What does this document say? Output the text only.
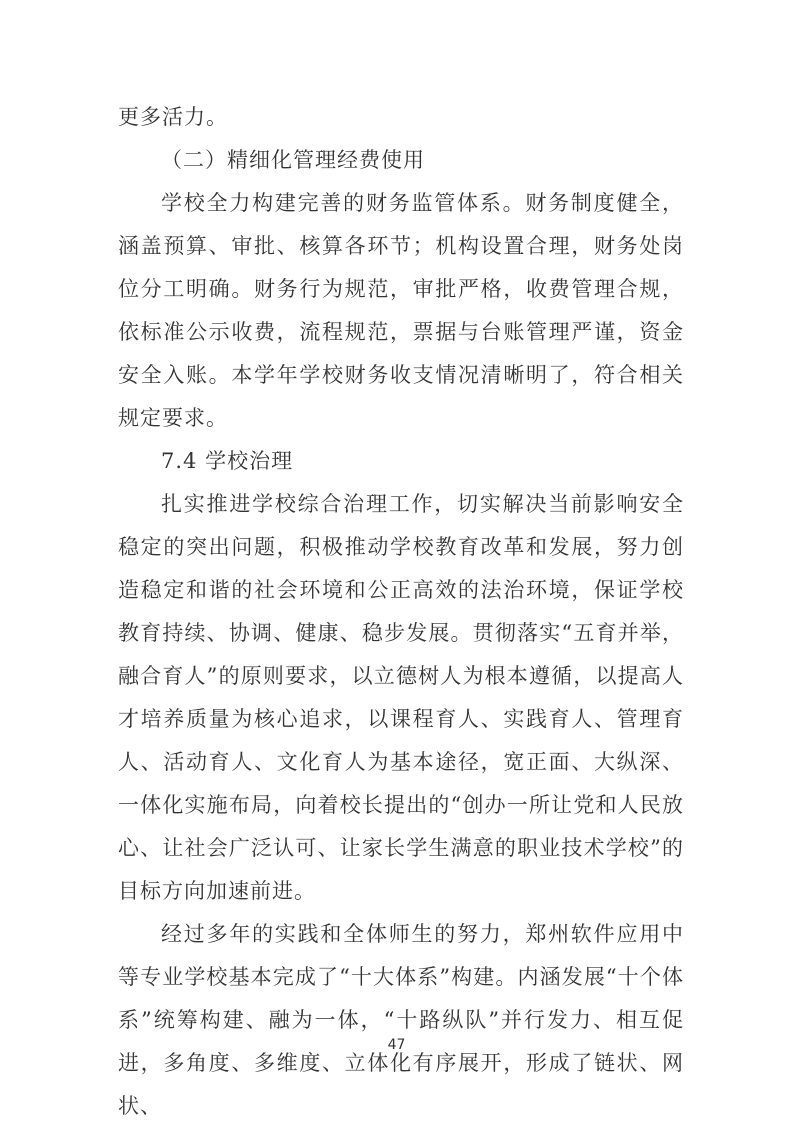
更多活力。

（二）精细化管理经费使用

学校全力构建完善的财务监管体系。财务制度健全，涵盖预算、审批、核算各环节；机构设置合理，财务处岗位分工明确。财务行为规范，审批严格，收费管理合规，依标准公示收费，流程规范，票据与台账管理严谨，资金安全入账。本学年学校财务收支情况清晰明了，符合相关规定要求。

7.4 学校治理

扎实推进学校综合治理工作，切实解决当前影响安全稳定的突出问题，积极推动学校教育改革和发展，努力创造稳定和谐的社会环境和公正高效的法治环境，保证学校教育持续、协调、健康、稳步发展。贯彻落实“五育并举，融合育人”的原则要求，以立德树人为根本遵循，以提高人才培养质量为核心追求，以课程育人、实践育人、管理育人、活动育人、文化育人为基本途径，宽正面、大纵深、一体化实施布局，向着校长提出的“创办一所让党和人民放心、让社会广泛认可、让家长学生满意的职业技术学校”的目标方向加速前进。

经过多年的实践和全体师生的努力，郑州软件应用中等专业学校基本完成了“十大体系”构建。内涵发展“十个体系”统筹构建、融为一体，“十路纵队”并行发力、相互促进，多角度、多维度、立体化有序展开，形成了链状、网状、

47
